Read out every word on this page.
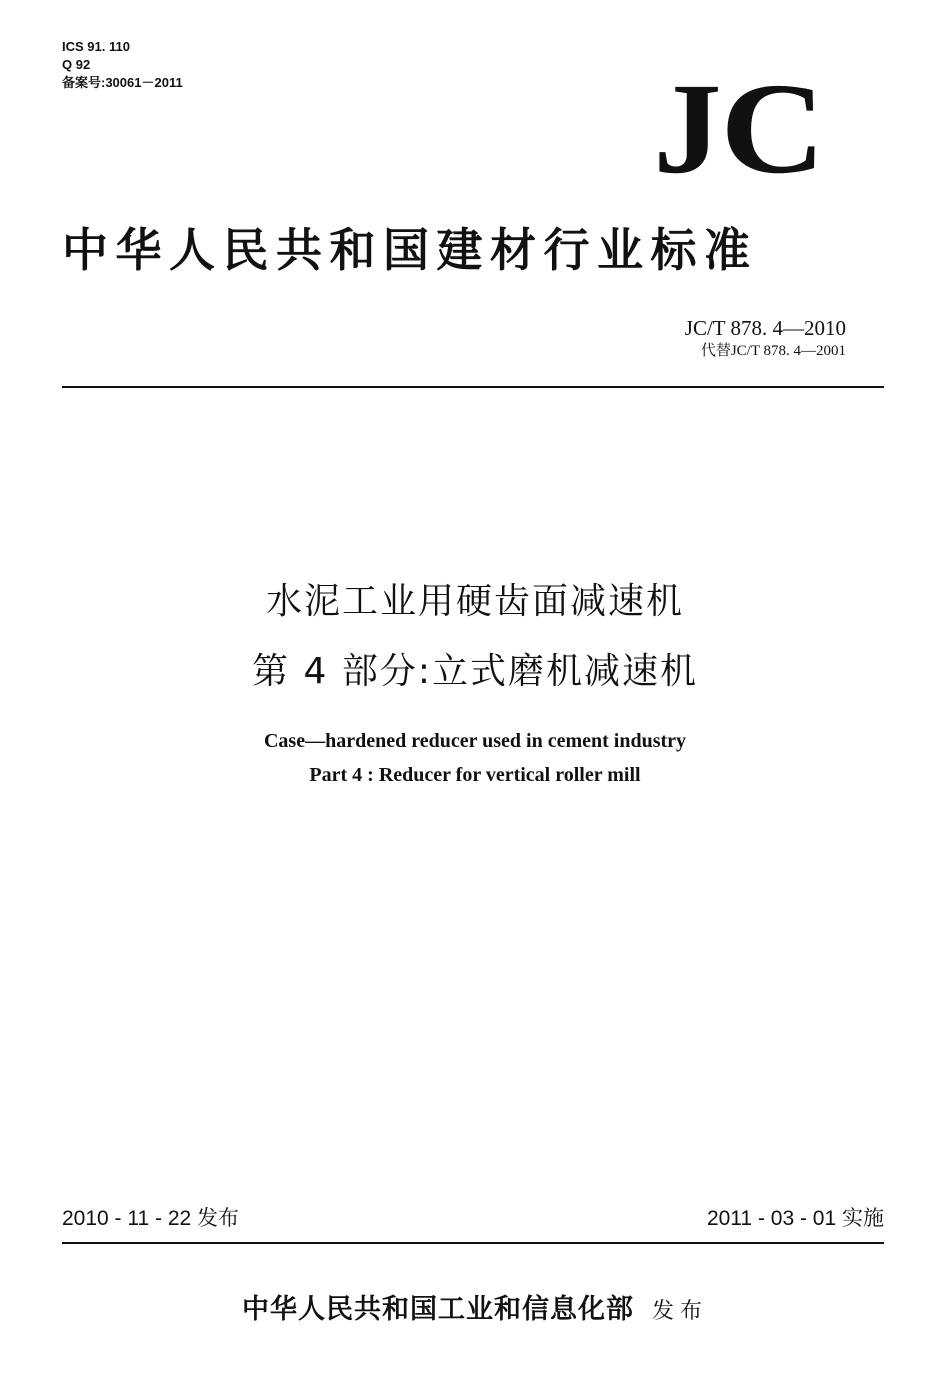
ICS 91. 110
Q 92
备案号:30061－2011	JC
中华人民共和国建材行业标准
JC/T 878. 4—2010
代替JC/T 878. 4—2001
水泥工业用硬齿面减速机
第 4 部分:立式磨机减速机
Case—hardened reducer used in cement industry
Part 4 : Reducer for vertical roller mill
2010 - 11 - 22 发布	2011 - 03 - 01 实施
中华人民共和国工业和信息化部 发布
